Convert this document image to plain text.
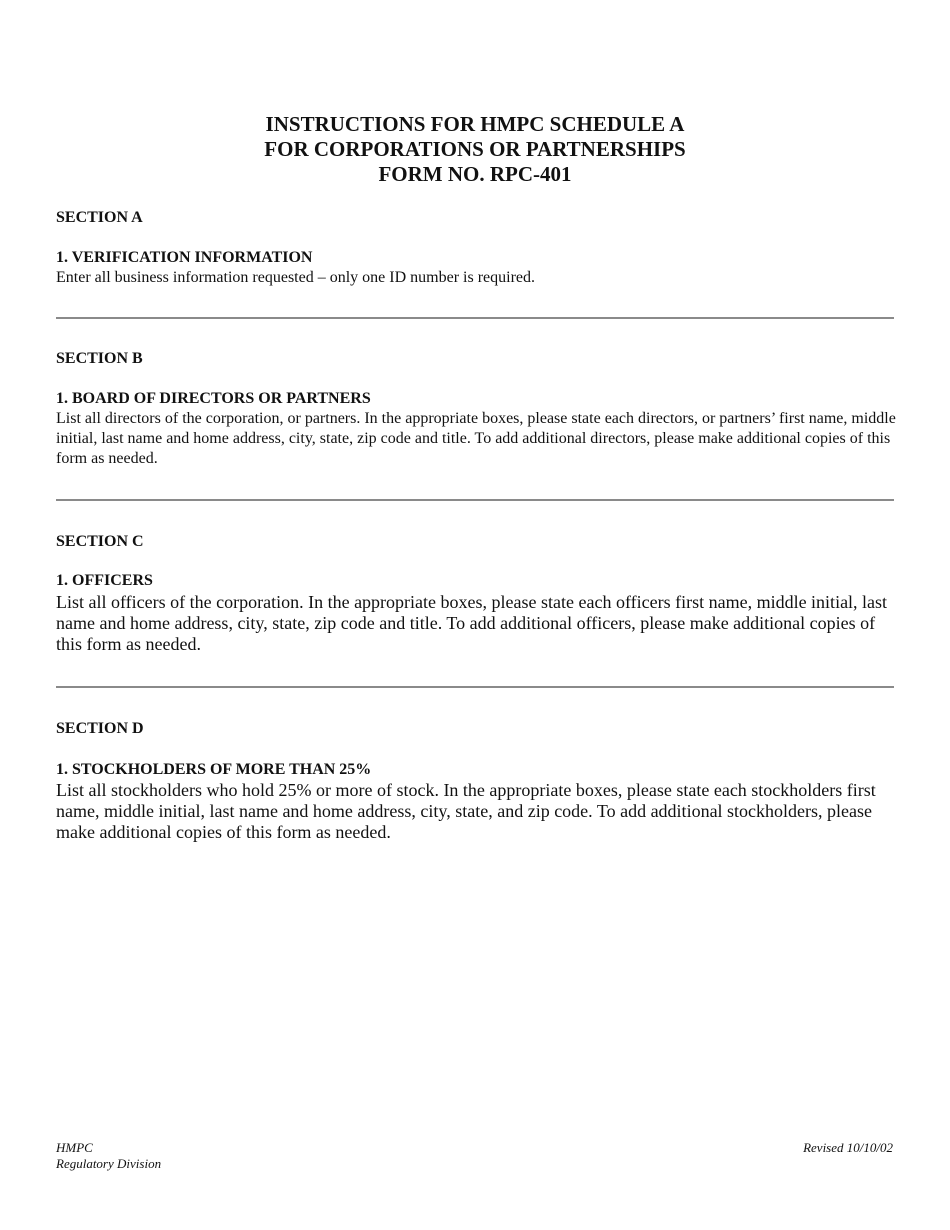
INSTRUCTIONS FOR HMPC SCHEDULE A
FOR CORPORATIONS OR PARTNERSHIPS
FORM NO. RPC-401
SECTION A
1. VERIFICATION INFORMATION
Enter all business information requested – only one ID number is required.
SECTION B
1. BOARD OF DIRECTORS OR PARTNERS
List all directors of the corporation, or partners. In the appropriate boxes, please state each directors, or partners’ first name, middle initial, last name and home address, city, state, zip code and title. To add additional directors, please make additional copies of this form as needed.
SECTION C
1. OFFICERS
List all officers of the corporation. In the appropriate boxes, please state each officers first name, middle initial, last name and home address, city, state, zip code and title. To add additional officers, please make additional copies of this form as needed.
SECTION D
1. STOCKHOLDERS OF MORE THAN 25%
List all stockholders who hold 25% or more of stock. In the appropriate boxes, please state each stockholders first name, middle initial, last name and home address, city, state, and zip code. To add additional stockholders, please make additional copies of this form as needed.
HMPC
Regulatory Division
Revised 10/10/02
